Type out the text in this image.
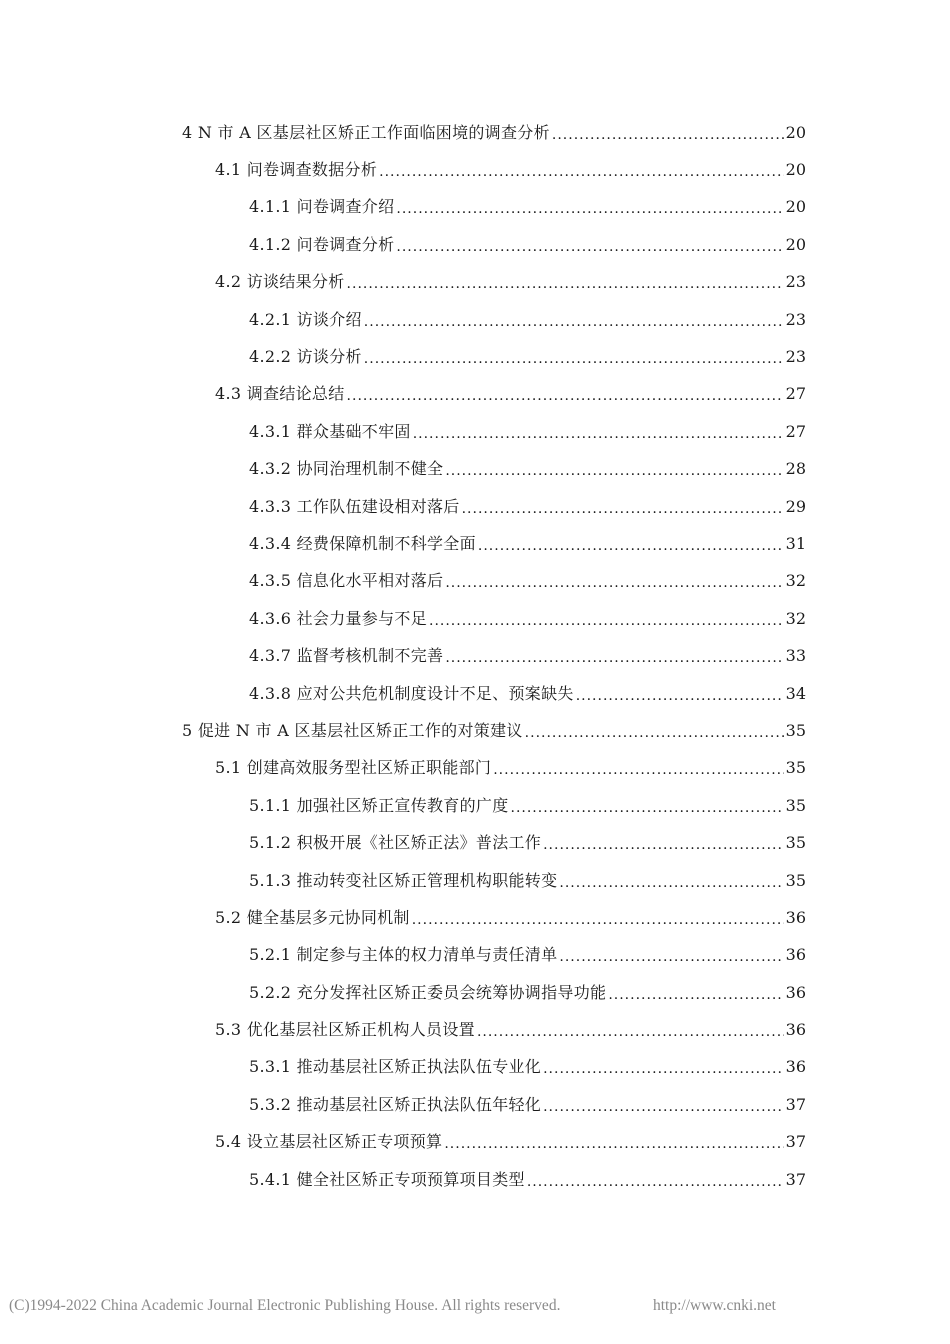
4 N 市 A 区基层社区矫正工作面临困境的调查分析 .....	20
4.1 问卷调查数据分析 .....	20
4.1.1 问卷调查介绍 .....	20
4.1.2 问卷调查分析 .....	20
4.2 访谈结果分析 .....	23
4.2.1 访谈介绍 .....	23
4.2.2 访谈分析 .....	23
4.3 调查结论总结 .....	27
4.3.1 群众基础不牢固 .....	27
4.3.2 协同治理机制不健全 .....	28
4.3.3 工作队伍建设相对落后 .....	29
4.3.4 经费保障机制不科学全面 .....	31
4.3.5 信息化水平相对落后 .....	32
4.3.6 社会力量参与不足 .....	32
4.3.7 监督考核机制不完善 .....	33
4.3.8 应对公共危机制度设计不足、预案缺失 .....	34
5 促进 N 市 A 区基层社区矫正工作的对策建议 .....	35
5.1 创建高效服务型社区矫正职能部门 .....	35
5.1.1 加强社区矫正宣传教育的广度 .....	35
5.1.2 积极开展《社区矫正法》普法工作 .....	35
5.1.3 推动转变社区矫正管理机构职能转变 .....	35
5.2 健全基层多元协同机制 .....	36
5.2.1 制定参与主体的权力清单与责任清单 .....	36
5.2.2 充分发挥社区矫正委员会统筹协调指导功能 .....	36
5.3 优化基层社区矫正机构人员设置 .....	36
5.3.1 推动基层社区矫正执法队伍专业化 .....	36
5.3.2 推动基层社区矫正执法队伍年轻化 .....	37
5.4 设立基层社区矫正专项预算 .....	37
5.4.1 健全社区矫正专项预算项目类型 .....	37
(C)1994-2022 China Academic Journal Electronic Publishing House. All rights reserved.	http://www.cnki.net
